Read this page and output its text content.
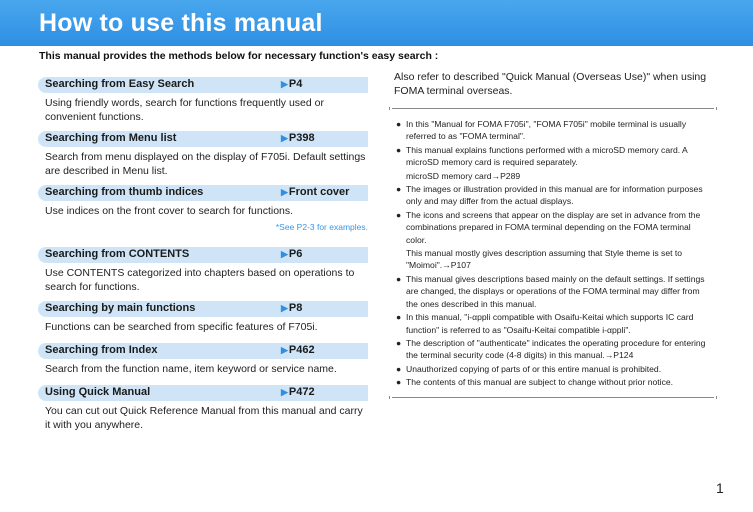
How to use this manual
This manual provides the methods below for necessary function's easy search :
Searching from Easy Search	▶P4
Using friendly words, search for functions frequently used or convenient functions.
Searching from Menu list	▶P398
Search from menu displayed on the display of F705i. Default settings are described in Menu list.
Searching from thumb indices	▶Front cover
Use indices on the front cover to search for functions.
*See P2-3 for examples.
Searching from CONTENTS	▶P6
Use CONTENTS categorized into chapters based on operations to search for functions.
Searching by main functions	▶P8
Functions can be searched from specific features of F705i.
Searching from Index	▶P462
Search from the function name, item keyword or service name.
Using Quick Manual	▶P472
You can cut out Quick Reference Manual from this manual and carry it with you anywhere.
Also refer to described "Quick Manual (Overseas Use)" when using FOMA terminal overseas.
● In this "Manual for FOMA F705i", "FOMA F705i" mobile terminal is usually referred to as "FOMA terminal".
● This manual explains functions performed with a microSD memory card. A microSD memory card is required separately.
microSD memory card→P289
● The images or illustration provided in this manual are for information purposes only and may differ from the actual displays.
● The icons and screens that appear on the display are set in advance from the combinations prepared in FOMA terminal depending on the FOMA terminal color.
This manual mostly gives description assuming that Style theme is set to "Moimoi".→P107
● This manual gives descriptions based mainly on the default settings. If settings are changed, the displays or operations of the FOMA terminal may differ from the ones described in this manual.
● In this manual, "i-αppli compatible with Osaifu-Keitai which supports IC card function" is referred to as "Osaifu-Keitai compatible i-αppli".
● The description of "authenticate" indicates the operating procedure for entering the terminal security code (4-8 digits) in this manual.→P124
● Unauthorized copying of parts of or this entire manual is prohibited.
● The contents of this manual are subject to change without prior notice.
1
